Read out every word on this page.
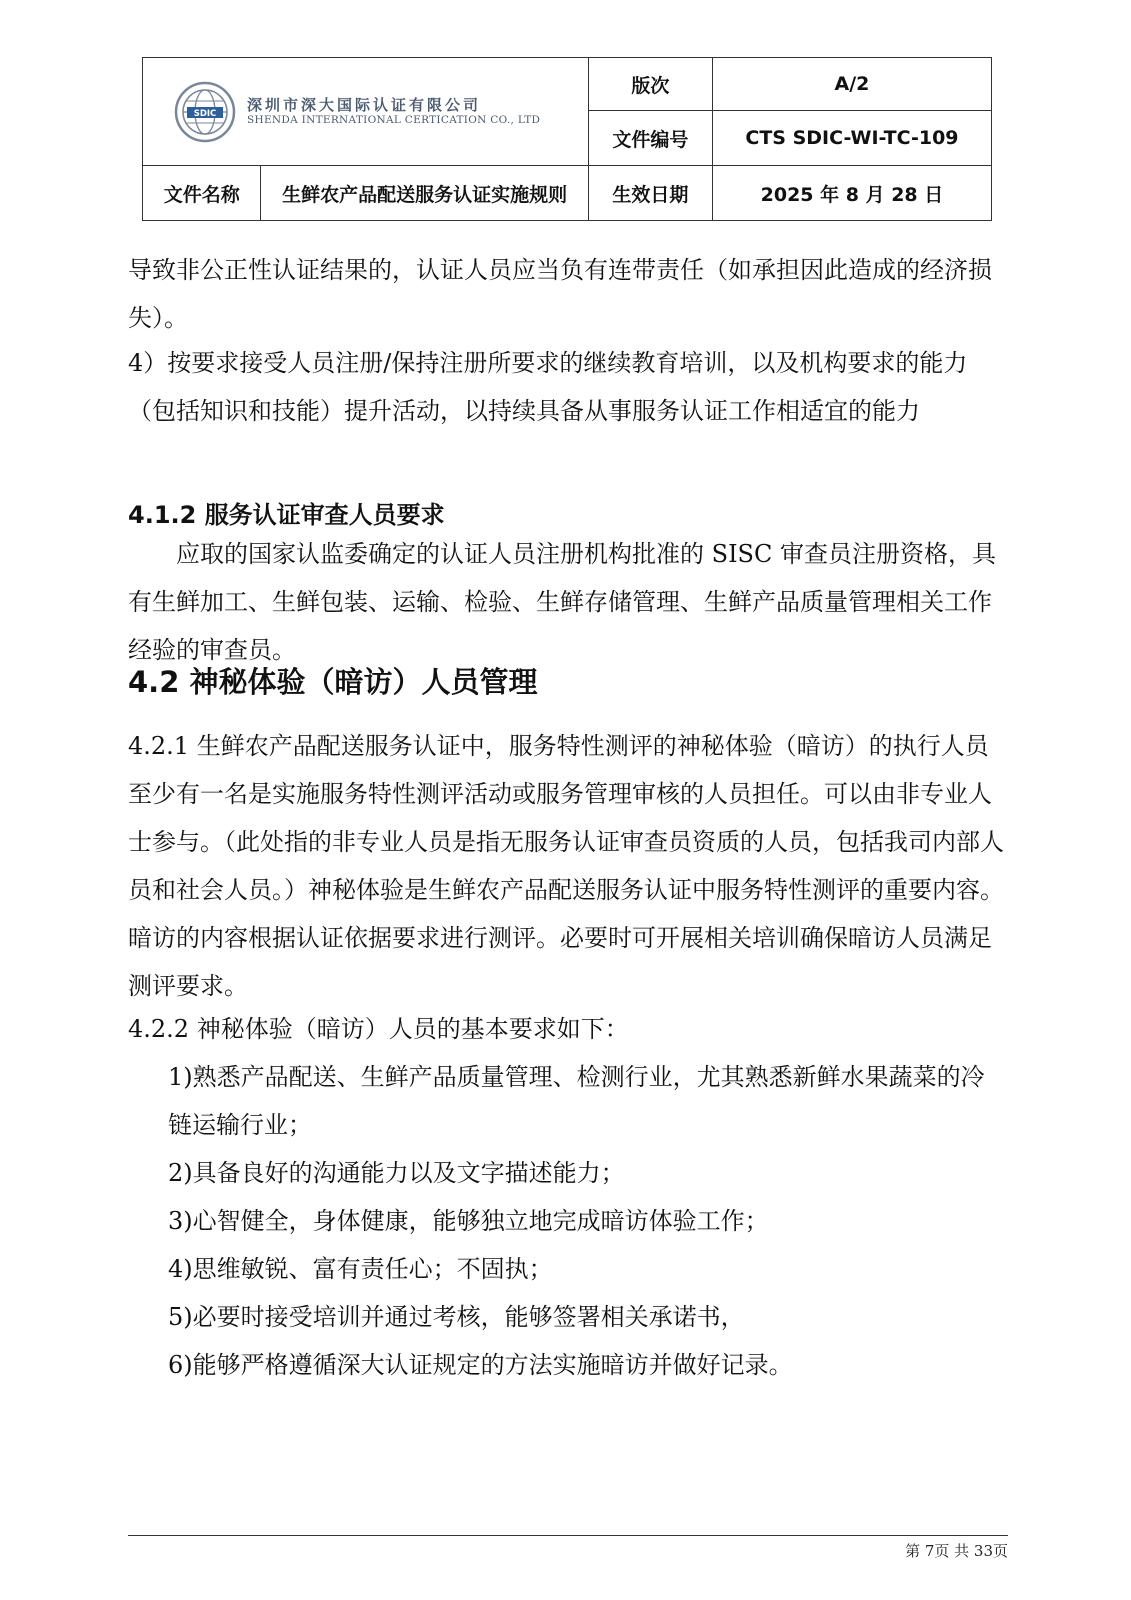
SDIC 深圳市深大国际认证有限公司
SHENDA INTERNATIONAL CERTICATION CO., LTD		版次	A/2
		文件编号	CTS SDIC-WI-TC-109
文件名称	生鲜农产品配送服务认证实施规则	生效日期	2025 年 8 月 28 日

导致非公正性认证结果的，认证人员应当负有连带责任（如承担因此造成的经济损失）。

4）按要求接受人员注册/保持注册所要求的继续教育培训，以及机构要求的能力（包括知识和技能）提升活动，以持续具备从事服务认证工作相适宜的能力

4.1.2 服务认证审查人员要求

应取的国家认监委确定的认证人员注册机构批准的 SISC 审查员注册资格，具有生鲜加工、生鲜包装、运输、检验、生鲜存储管理、生鲜产品质量管理相关工作经验的审查员。

4.2 神秘体验（暗访）人员管理

4.2.1 生鲜农产品配送服务认证中，服务特性测评的神秘体验（暗访）的执行人员至少有一名是实施服务特性测评活动或服务管理审核的人员担任。可以由非专业人士参与。（此处指的非专业人员是指无服务认证审查员资质的人员，包括我司内部人员和社会人员。）神秘体验是生鲜农产品配送服务认证中服务特性测评的重要内容。暗访的内容根据认证依据要求进行测评。必要时可开展相关培训确保暗访人员满足测评要求。

4.2.2 神秘体验（暗访）人员的基本要求如下：

1)熟悉产品配送、生鲜产品质量管理、检测行业，尤其熟悉新鲜水果蔬菜的冷链运输行业；

2)具备良好的沟通能力以及文字描述能力；

3)心智健全，身体健康，能够独立地完成暗访体验工作；

4)思维敏锐、富有责任心；不固执；

5)必要时接受培训并通过考核，能够签署相关承诺书，

6)能够严格遵循深大认证规定的方法实施暗访并做好记录。

第 7页 共 33页
